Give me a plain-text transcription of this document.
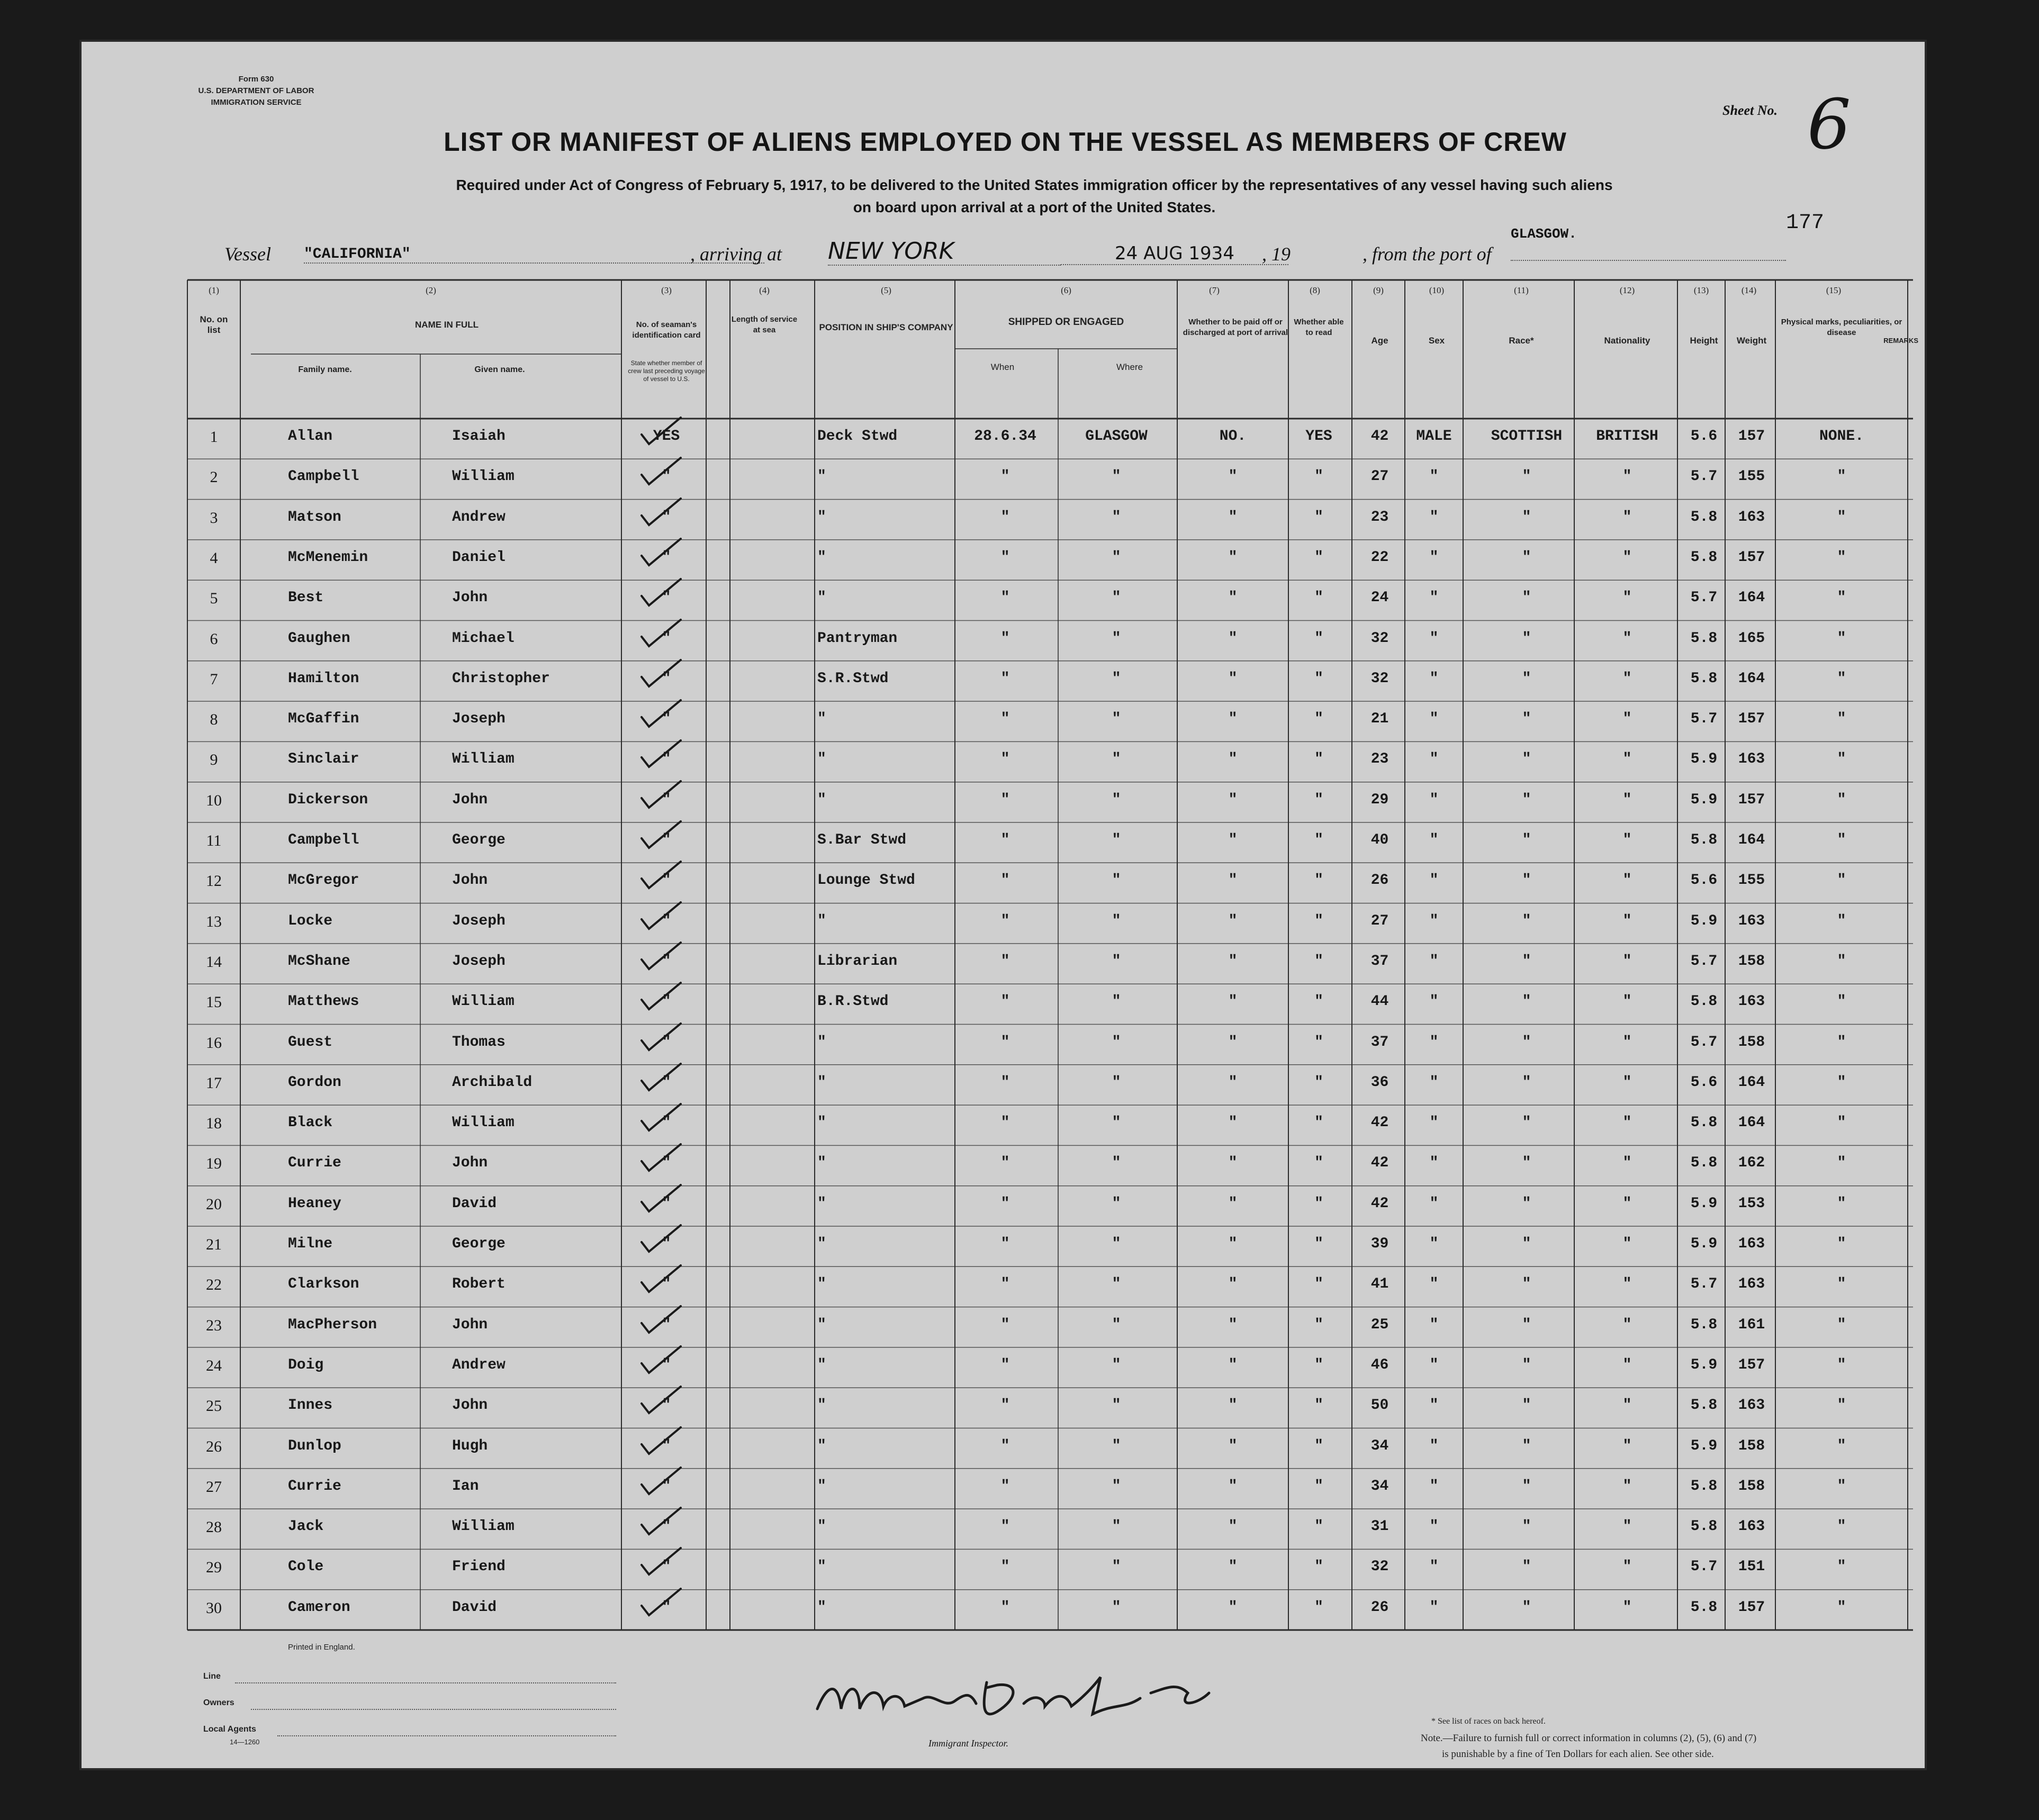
Form 630
U.S. DEPARTMENT OF LABOR
IMMIGRATION SERVICE
Sheet No. 6
177
LIST OR MANIFEST OF ALIENS EMPLOYED ON THE VESSEL AS MEMBERS OF CREW
Required under Act of Congress of February 5, 1917, to be delivered to the United States immigration officer by the representatives of any vessel having such aliens
on board upon arrival at a port of the United States.
Vessel "CALIFORNIA"	, arriving at NEW YORK	24 AUG 1934	, 19	, from the port of
GLASGOW.
(1)	(2)	(3)	(4)	(5)	(6)	(7)	(8)	(9)	(10)	(11)	(12)	(13)	(14)	(15)
No. on list
NAME IN FULL
Family name.	Given name.
No. of seaman's identification card
State whether member of crew last preceding voyage of vessel to U.S.
Length of service at sea	POSITION IN SHIP'S COMPANY	SHIPPED OR ENGAGED
When	Where
Whether to be paid off or discharged at port of arrival
Whether able to read
Age	Sex	Race*	Nationality	Height	Weight
Physical marks, peculiarities, or disease
REMARKS
1	Allan	Isaiah	YES	Deck Stwd	28.6.34	GLASGOW	NO.	YES	42	MALE	SCOTTISH	BRITISH	5.6	157	NONE.
2	Campbell	William	"	"	"	"	"	"	27	"	"	"	5.7	155	"
3	Matson	Andrew	"	"	"	"	"	"	23	"	"	"	5.8	163	"
4	McMenemin	Daniel	"	"	"	"	"	"	22	"	"	"	5.8	157	"
5	Best	John	"	"	"	"	"	"	24	"	"	"	5.7	164	"
6	Gaughen	Michael	"	Pantryman	"	"	"	"	32	"	"	"	5.8	165	"
7	Hamilton	Christopher	"	S.R.Stwd	"	"	"	"	32	"	"	"	5.8	164	"
8	McGaffin	Joseph	"	"	"	"	"	"	21	"	"	"	5.7	157	"
9	Sinclair	William	"	"	"	"	"	"	23	"	"	"	5.9	163	"
10	Dickerson	John	"	"	"	"	"	"	29	"	"	"	5.9	157	"
11	Campbell	George	"	S.Bar Stwd	"	"	"	"	40	"	"	"	5.8	164	"
12	McGregor	John	"	Lounge Stwd	"	"	"	"	26	"	"	"	5.6	155	"
13	Locke	Joseph	"	"	"	"	"	"	27	"	"	"	5.9	163	"
14	McShane	Joseph	"	Librarian	"	"	"	"	37	"	"	"	5.7	158	"
15	Matthews	William	"	B.R.Stwd	"	"	"	"	44	"	"	"	5.8	163	"
16	Guest	Thomas	"	"	"	"	"	"	37	"	"	"	5.7	158	"
17	Gordon	Archibald	"	"	"	"	"	"	36	"	"	"	5.6	164	"
18	Black	William	"	"	"	"	"	"	42	"	"	"	5.8	164	"
19	Currie	John	"	"	"	"	"	"	42	"	"	"	5.8	162	"
20	Heaney	David	"	"	"	"	"	"	42	"	"	"	5.9	153	"
21	Milne	George	"	"	"	"	"	"	39	"	"	"	5.9	163	"
22	Clarkson	Robert	"	"	"	"	"	"	41	"	"	"	5.7	163	"
23	MacPherson	John	"	"	"	"	"	"	25	"	"	"	5.8	161	"
24	Doig	Andrew	"	"	"	"	"	"	46	"	"	"	5.9	157	"
25	Innes	John	"	"	"	"	"	"	50	"	"	"	5.8	163	"
26	Dunlop	Hugh	"	"	"	"	"	"	34	"	"	"	5.9	158	"
27	Currie	Ian	"	"	"	"	"	"	34	"	"	"	5.8	158	"
28	Jack	William	"	"	"	"	"	"	31	"	"	"	5.8	163	"
29	Cole	Friend	"	"	"	"	"	"	32	"	"	"	5.7	151	"
30	Cameron	David	"	"	"	"	"	"	26	"	"	"	5.8	157	"
Printed in England.
Line
Owners
Local Agents
14—1260	Immigrant Inspector.
* See list of races on back hereof.
Note.—Failure to furnish full or correct information in columns (2), (5), (6) and (7)
is punishable by a fine of Ten Dollars for each alien. See other side.
